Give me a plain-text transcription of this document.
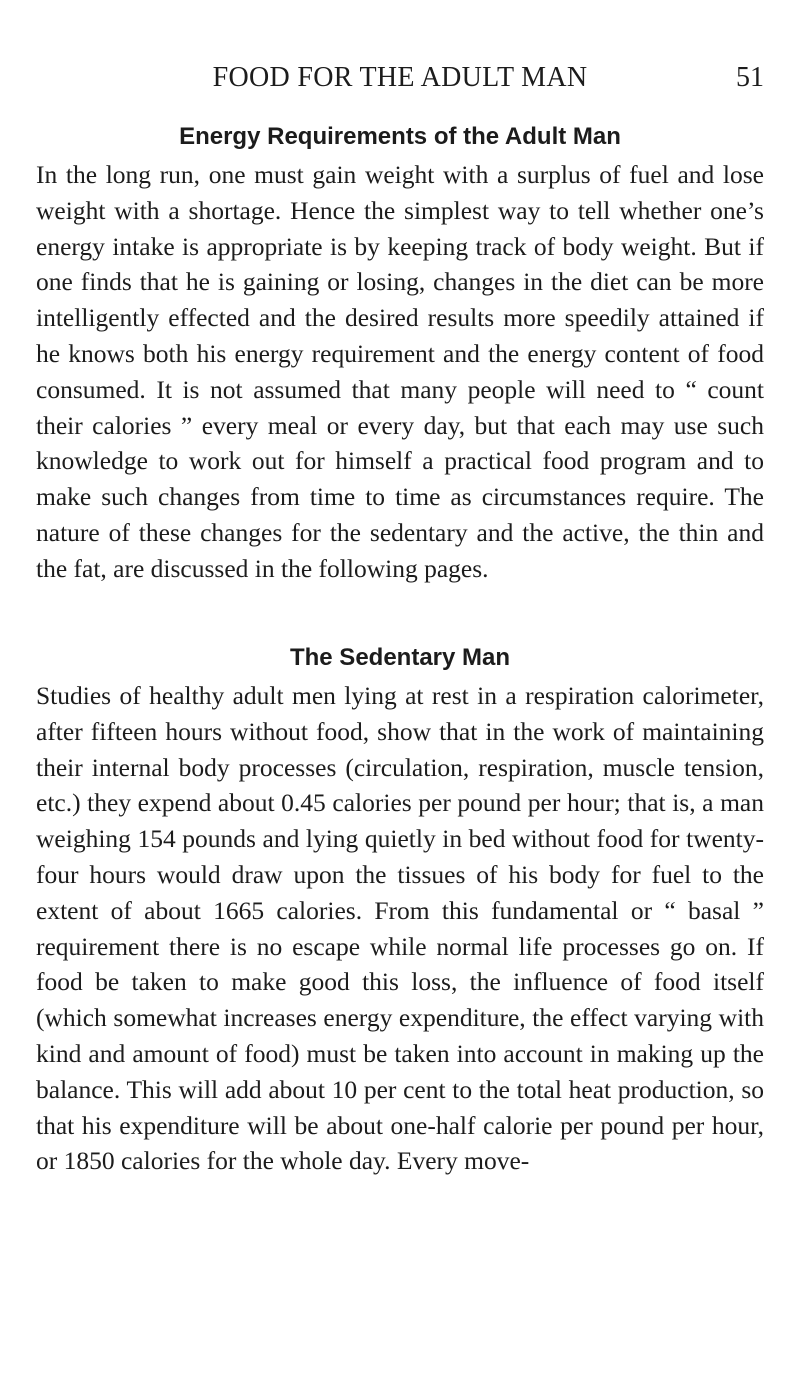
FOOD FOR THE ADULT MAN	51
Energy Requirements of the Adult Man

In the long run, one must gain weight with a surplus of fuel and lose weight with a shortage. Hence the simplest way to tell whether one’s energy intake is appropriate is by keeping track of body weight. But if one finds that he is gaining or losing, changes in the diet can be more intelligently effected and the desired results more speedily attained if he knows both his energy requirement and the energy content of food consumed. It is not assumed that many people will need to “ count their calories ” every meal or every day, but that each may use such knowledge to work out for himself a practical food program and to make such changes from time to time as circumstances require. The nature of these changes for the sedentary and the active, the thin and the fat, are discussed in the following pages.

The Sedentary Man

Studies of healthy adult men lying at rest in a respiration calorimeter, after fifteen hours without food, show that in the work of maintaining their internal body processes (circulation, respiration, muscle tension, etc.) they expend about 0.45 calories per pound per hour; that is, a man weighing 154 pounds and lying quietly in bed without food for twenty-four hours would draw upon the tissues of his body for fuel to the extent of about 1665 calories. From this fundamental or “ basal ” requirement there is no escape while normal life processes go on. If food be taken to make good this loss, the influence of food itself (which somewhat increases energy expenditure, the effect varying with kind and amount of food) must be taken into account in making up the balance. This will add about 10 per cent to the total heat production, so that his expenditure will be about one-half calorie per pound per hour, or 1850 calories for the whole day. Every move-
